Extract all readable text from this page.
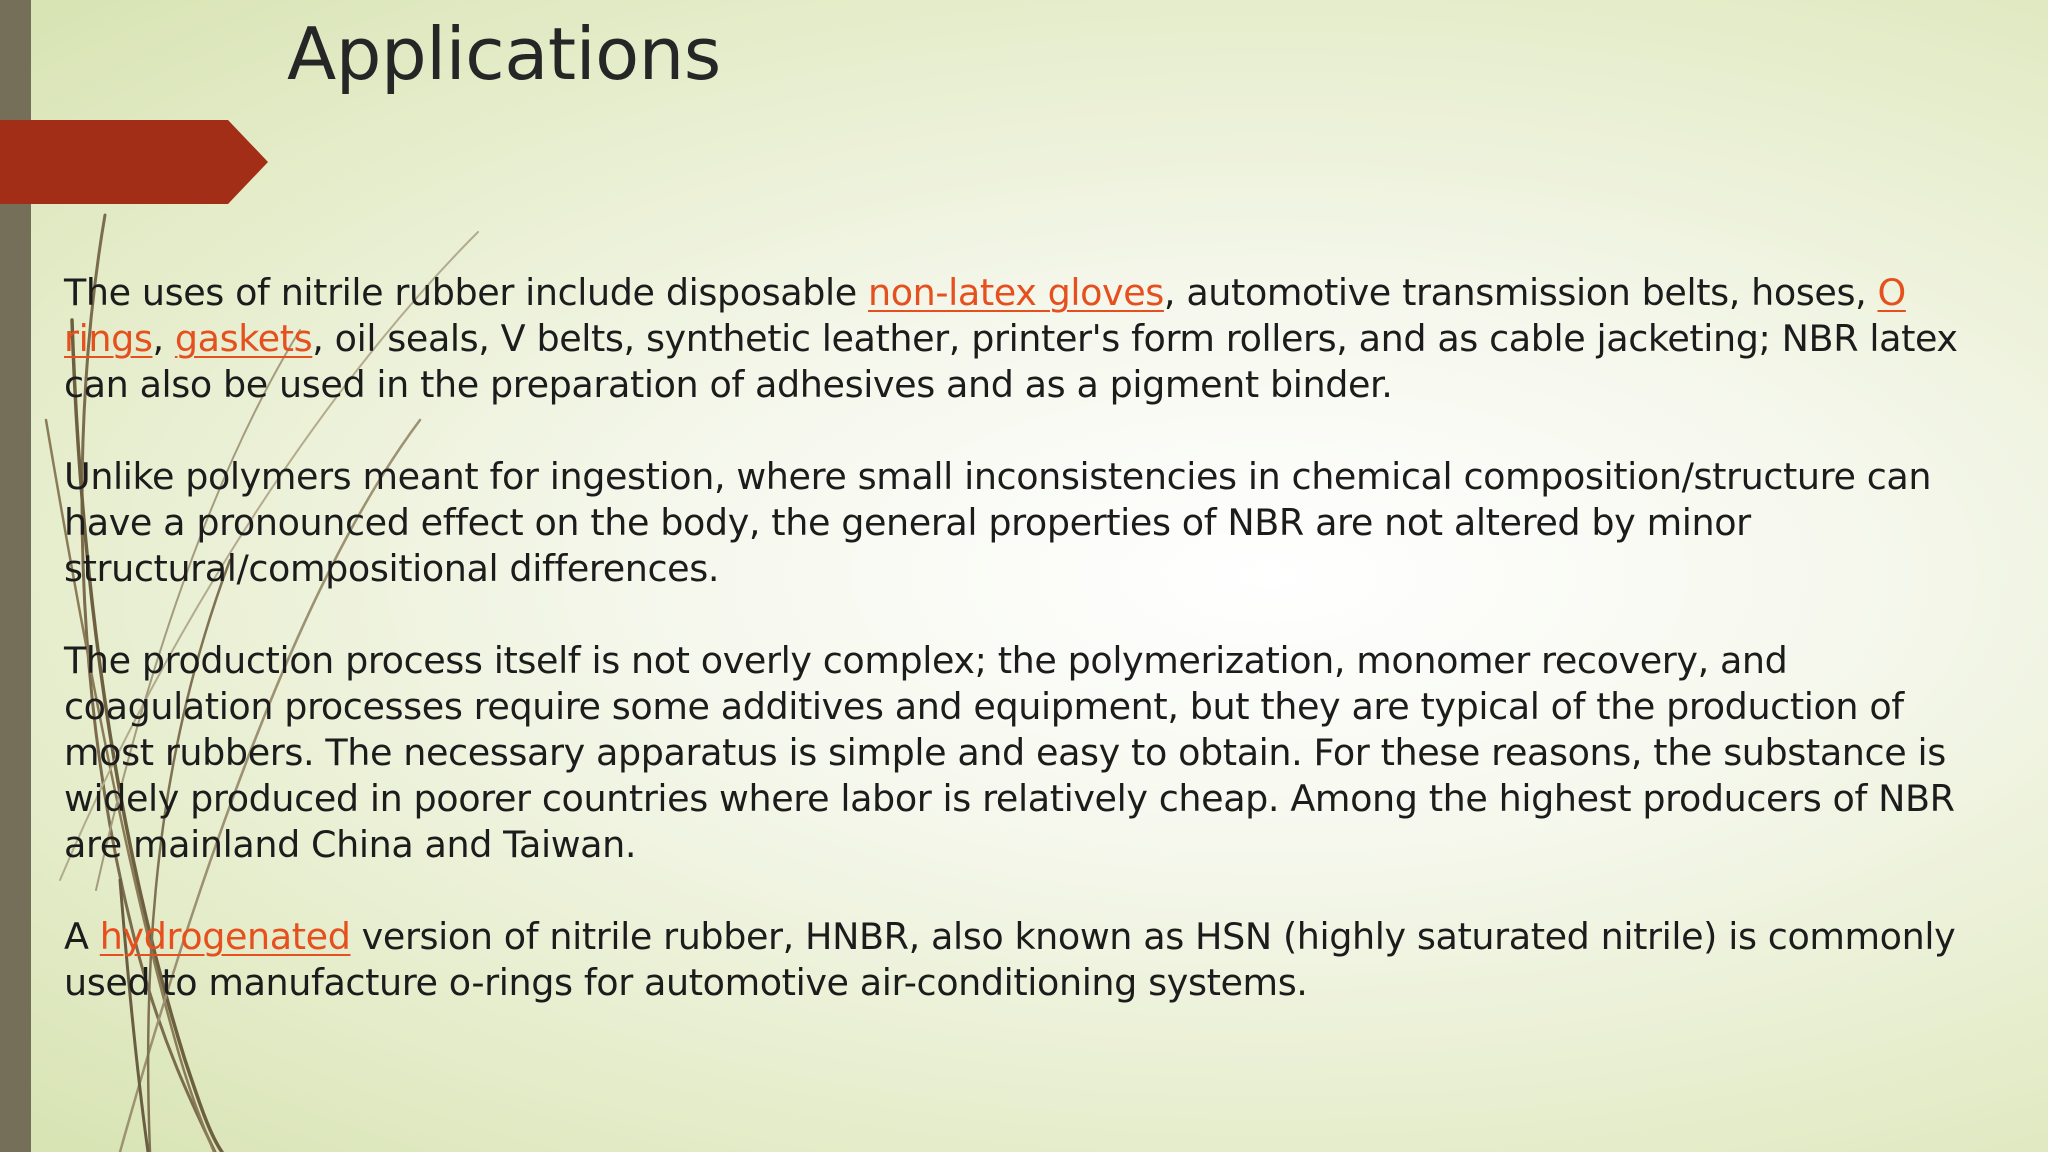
Applications

The uses of nitrile rubber include disposable non-latex gloves, automotive transmission belts, hoses, O rings, gaskets, oil seals, V belts, synthetic leather, printer's form rollers, and as cable jacketing; NBR latex can also be used in the preparation of adhesives and as a pigment binder.

Unlike polymers meant for ingestion, where small inconsistencies in chemical composition/structure can have a pronounced effect on the body, the general properties of NBR are not altered by minor structural/compositional differences.

The production process itself is not overly complex; the polymerization, monomer recovery, and coagulation processes require some additives and equipment, but they are typical of the production of most rubbers. The necessary apparatus is simple and easy to obtain. For these reasons, the substance is widely produced in poorer countries where labor is relatively cheap. Among the highest producers of NBR are mainland China and Taiwan.

A hydrogenated version of nitrile rubber, HNBR, also known as HSN (highly saturated nitrile) is commonly used to manufacture o-rings for automotive air-conditioning systems.
